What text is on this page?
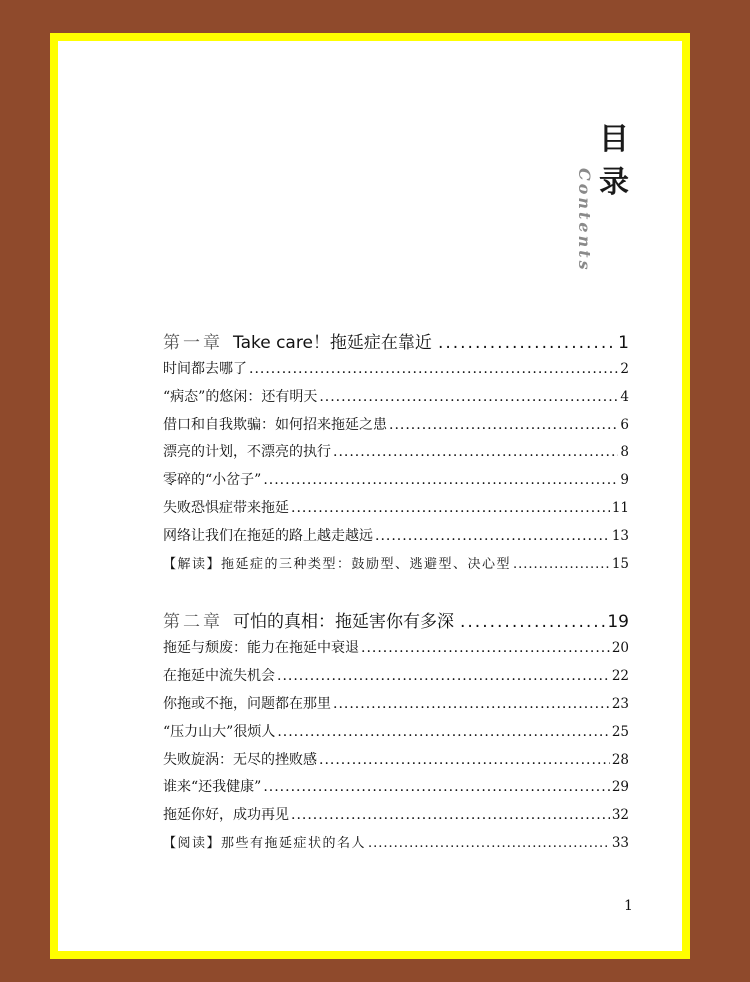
目
录
Contents
第一章 Take care！拖延症在靠近 .....	1
时间都去哪了 .....	2
“病态”的悠闲：还有明天 .....	4
借口和自我欺骗：如何招来拖延之患 .....	6
漂亮的计划，不漂亮的执行 .....	8
零碎的“小岔子” .....	9
失败恐惧症带来拖延 .....	11
网络让我们在拖延的路上越走越远 .....	13
【解读】拖延症的三种类型：鼓励型、逃避型、决心型 .....	15
第二章 可怕的真相：拖延害你有多深 .....	19
拖延与颓废：能力在拖延中衰退 .....	20
在拖延中流失机会 .....	22
你拖或不拖，问题都在那里 .....	23
“压力山大”很烦人 .....	25
失败旋涡：无尽的挫败感 .....	28
谁来“还我健康” .....	29
拖延你好，成功再见 .....	32
【阅读】那些有拖延症状的名人 .....	33
1
